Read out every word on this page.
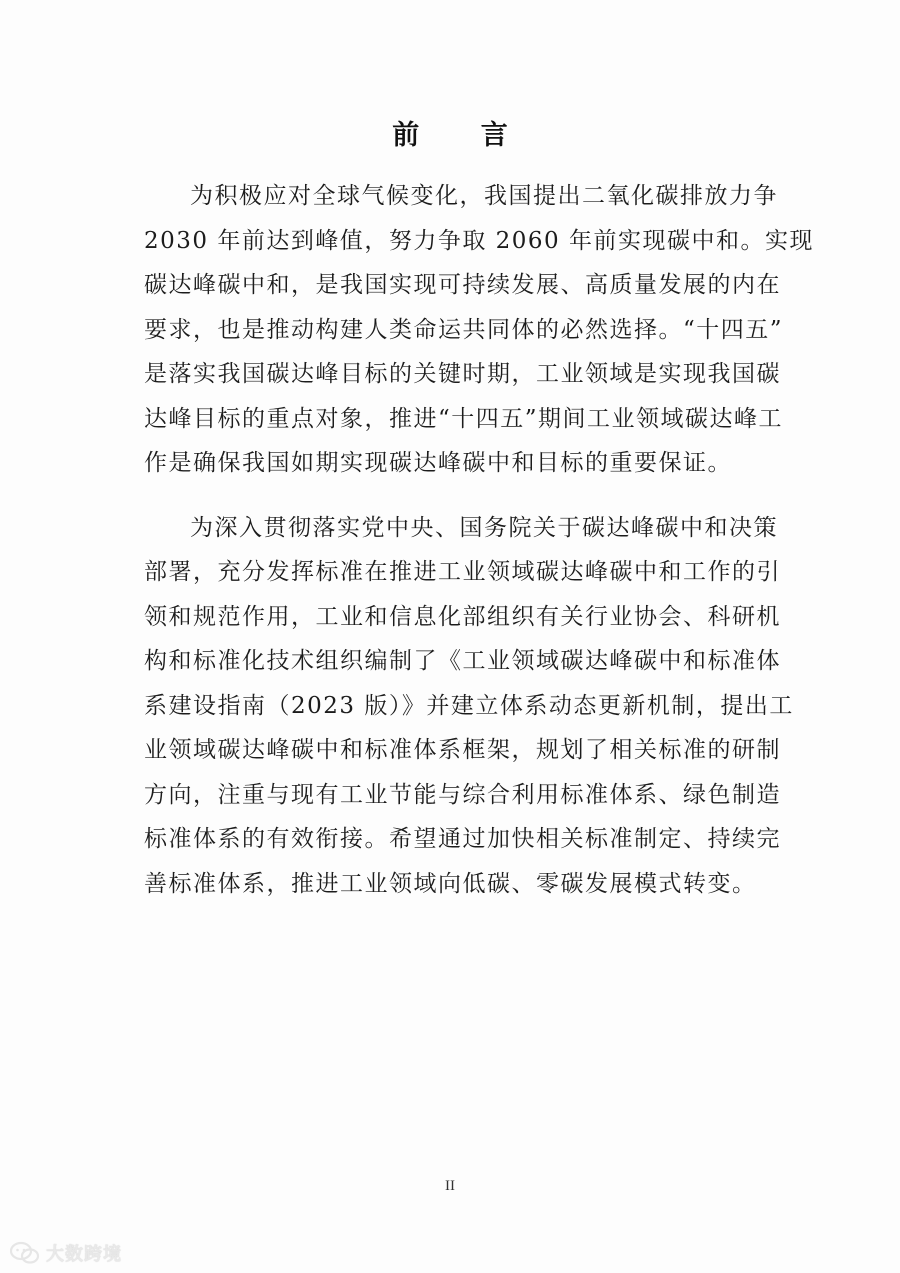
前 言

为积极应对全球气候变化，我国提出二氧化碳排放力争
2030 年前达到峰值，努力争取 2060 年前实现碳中和。实现
碳达峰碳中和，是我国实现可持续发展、高质量发展的内在
要求，也是推动构建人类命运共同体的必然选择。“十四五”
是落实我国碳达峰目标的关键时期，工业领域是实现我国碳
达峰目标的重点对象，推进“十四五”期间工业领域碳达峰工
作是确保我国如期实现碳达峰碳中和目标的重要保证。

为深入贯彻落实党中央、国务院关于碳达峰碳中和决策
部署，充分发挥标准在推进工业领域碳达峰碳中和工作的引
领和规范作用，工业和信息化部组织有关行业协会、科研机
构和标准化技术组织编制了《工业领域碳达峰碳中和标准体
系建设指南（2023 版）》并建立体系动态更新机制，提出工
业领域碳达峰碳中和标准体系框架，规划了相关标准的研制
方向，注重与现有工业节能与综合利用标准体系、绿色制造
标准体系的有效衔接。希望通过加快相关标准制定、持续完
善标准体系，推进工业领域向低碳、零碳发展模式转变。

II
大数跨境
